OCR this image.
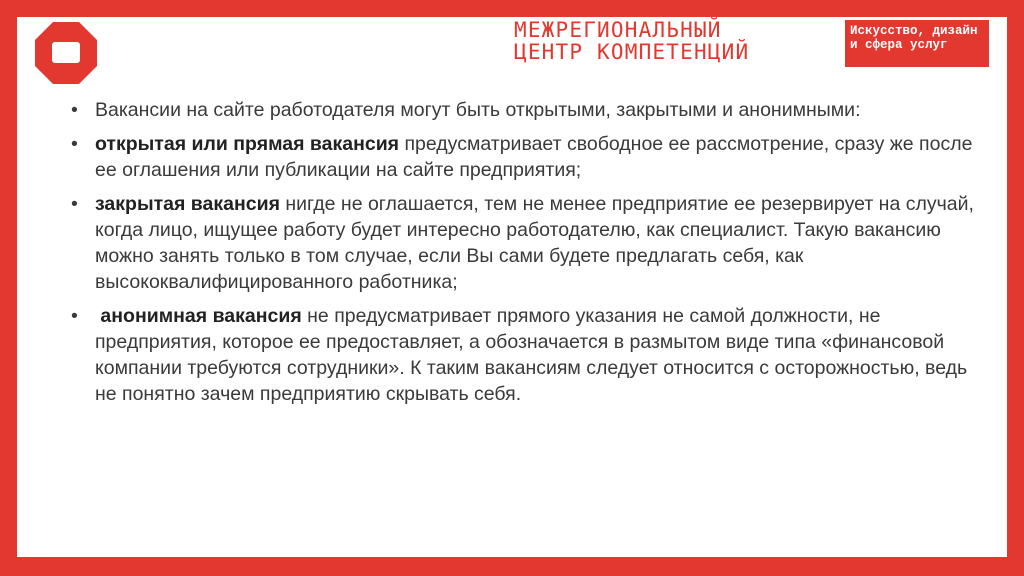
МЕЖРЕГИОНАЛЬНЫЙ
ЦЕНТР КОМПЕТЕНЦИЙ
Искусство, дизайн и сфера услуг
• Вакансии на сайте работодателя могут быть открытыми, закрытыми и анонимными:
• открытая или прямая вакансия предусматривает свободное ее рассмотрение, сразу же после ее оглашения или публикации на сайте предприятия;
• закрытая вакансия нигде не оглашается, тем не менее предприятие ее резервирует на случай, когда лицо, ищущее работу будет интересно работодателю, как специалист. Такую вакансию можно занять только в том случае, если Вы сами будете предлагать себя, как высококвалифицированного работника;
• анонимная вакансия не предусматривает прямого указания не самой должности, не предприятия, которое ее предоставляет, а обозначается в размытом виде типа «финансовой компании требуются сотрудники». К таким вакансиям следует относится с осторожностью, ведь не понятно зачем предприятию скрывать себя.
